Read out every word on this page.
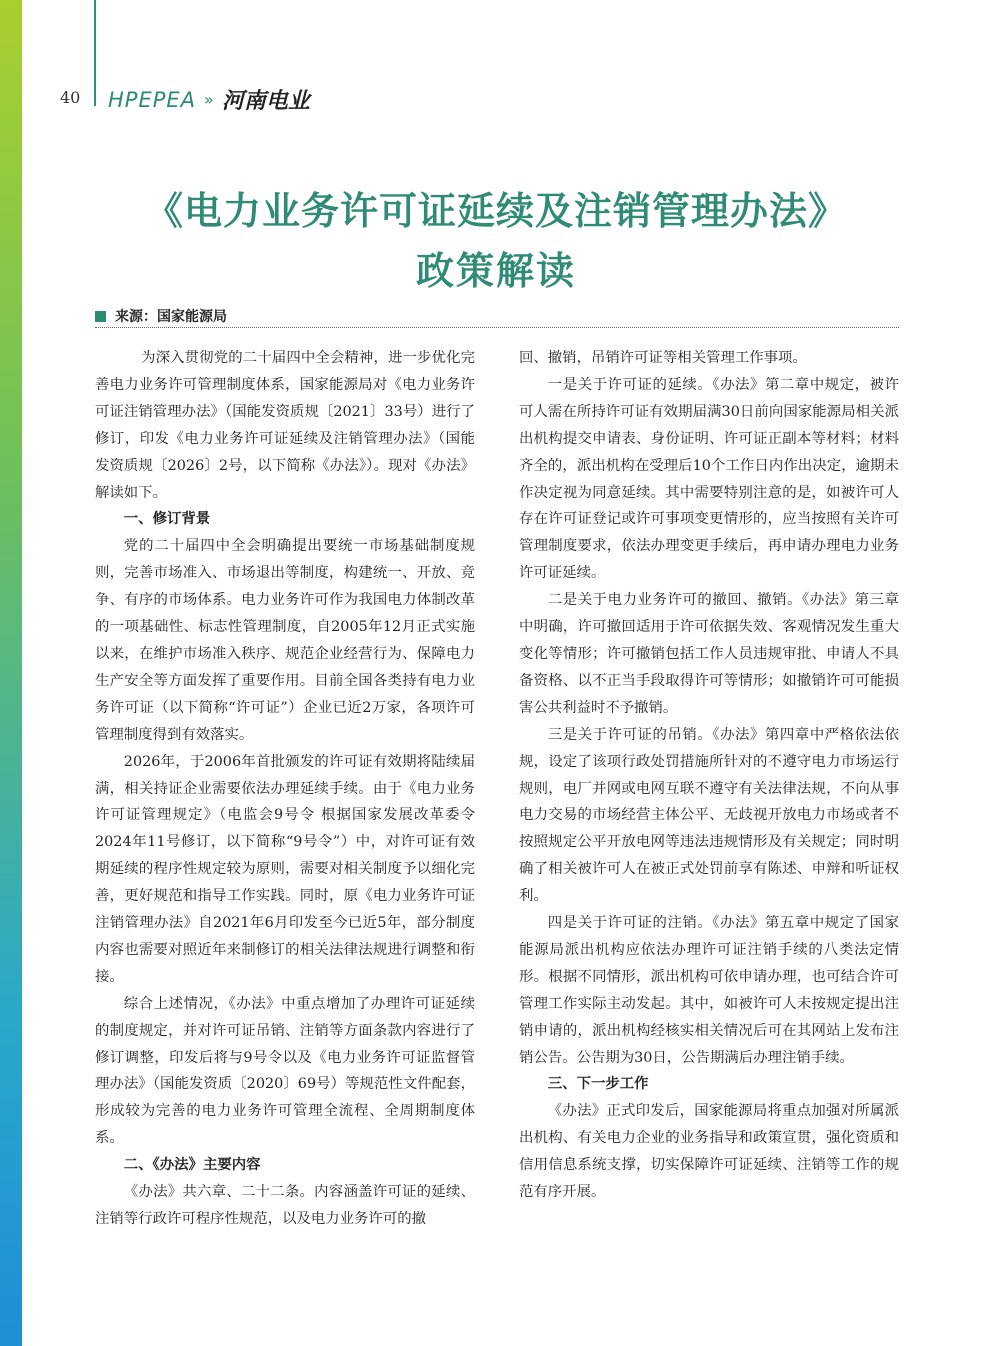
40 HPEPEA » 河南电业
《电力业务许可证延续及注销管理办法》
政策解读
来源：国家能源局

为深入贯彻党的二十届四中全会精神，进一步优化完善电力业务许可管理制度体系，国家能源局对《电力业务许可证注销管理办法》（国能发资质规〔2021〕33号）进行了修订，印发《电力业务许可证延续及注销管理办法》（国能发资质规〔2026〕2号，以下简称《办法》）。现对《办法》解读如下。

一、修订背景

党的二十届四中全会明确提出要统一市场基础制度规则，完善市场准入、市场退出等制度，构建统一、开放、竞争、有序的市场体系。电力业务许可作为我国电力体制改革的一项基础性、标志性管理制度，自2005年12月正式实施以来，在维护市场准入秩序、规范企业经营行为、保障电力生产安全等方面发挥了重要作用。目前全国各类持有电力业务许可证（以下简称“许可证”）企业已近2万家，各项许可管理制度得到有效落实。

2026年，于2006年首批颁发的许可证有效期将陆续届满，相关持证企业需要依法办理延续手续。由于《电力业务许可证管理规定》（电监会9号令 根据国家发展改革委令2024年11号修订，以下简称“9号令”）中，对许可证有效期延续的程序性规定较为原则，需要对相关制度予以细化完善，更好规范和指导工作实践。同时，原《电力业务许可证注销管理办法》自2021年6月印发至今已近5年，部分制度内容也需要对照近年来制修订的相关法律法规进行调整和衔接。

综合上述情况，《办法》中重点增加了办理许可证延续的制度规定，并对许可证吊销、注销等方面条款内容进行了修订调整，印发后将与9号令以及《电力业务许可证监督管理办法》（国能发资质〔2020〕69号）等规范性文件配套，形成较为完善的电力业务许可管理全流程、全周期制度体系。

二、《办法》主要内容

《办法》共六章、二十二条。内容涵盖许可证的延续、注销等行政许可程序性规范，以及电力业务许可的撤

回、撤销，吊销许可证等相关管理工作事项。

一是关于许可证的延续。《办法》第二章中规定，被许可人需在所持许可证有效期届满30日前向国家能源局相关派出机构提交申请表、身份证明、许可证正副本等材料；材料齐全的，派出机构在受理后10个工作日内作出决定，逾期未作决定视为同意延续。其中需要特别注意的是，如被许可人存在许可证登记或许可事项变更情形的，应当按照有关许可管理制度要求，依法办理变更手续后，再申请办理电力业务许可证延续。

二是关于电力业务许可的撤回、撤销。《办法》第三章中明确，许可撤回适用于许可依据失效、客观情况发生重大变化等情形；许可撤销包括工作人员违规审批、申请人不具备资格、以不正当手段取得许可等情形；如撤销许可可能损害公共利益时不予撤销。

三是关于许可证的吊销。《办法》第四章中严格依法依规，设定了该项行政处罚措施所针对的不遵守电力市场运行规则，电厂并网或电网互联不遵守有关法律法规，不向从事电力交易的市场经营主体公平、无歧视开放电力市场或者不按照规定公平开放电网等违法违规情形及有关规定；同时明确了相关被许可人在被正式处罚前享有陈述、申辩和听证权利。

四是关于许可证的注销。《办法》第五章中规定了国家能源局派出机构应依法办理许可证注销手续的八类法定情形。根据不同情形，派出机构可依申请办理，也可结合许可管理工作实际主动发起。其中，如被许可人未按规定提出注销申请的，派出机构经核实相关情况后可在其网站上发布注销公告。公告期为30日，公告期满后办理注销手续。

三、下一步工作

《办法》正式印发后，国家能源局将重点加强对所属派出机构、有关电力企业的业务指导和政策宣贯，强化资质和信用信息系统支撑，切实保障许可证延续、注销等工作的规范有序开展。
